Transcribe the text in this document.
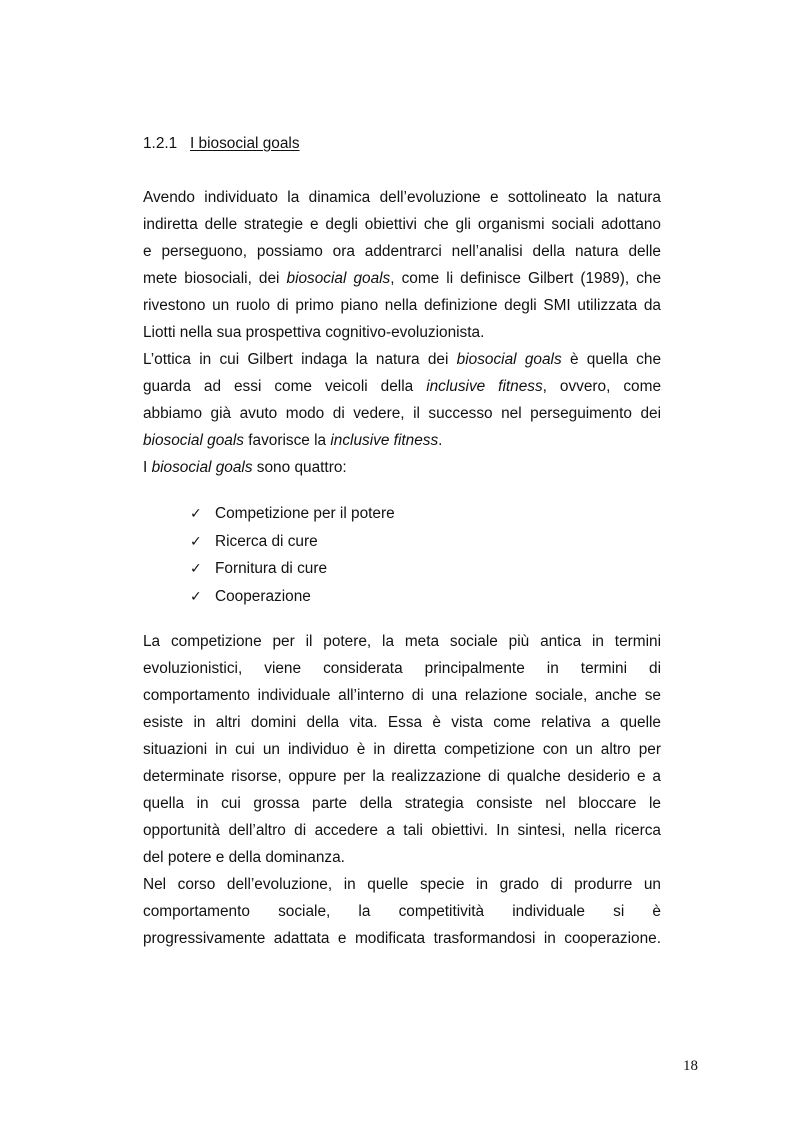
1.2.1 I biosocial goals

Avendo individuato la dinamica dell’evoluzione e sottolineato la natura

indiretta delle strategie e degli obiettivi che gli organismi sociali adottano

e perseguono, possiamo ora addentrarci nell’analisi della natura delle

mete biosociali, dei biosocial goals, come li definisce Gilbert (1989), che

rivestono un ruolo di primo piano nella definizione degli SMI utilizzata da

Liotti nella sua prospettiva cognitivo-evoluzionista.

L’ottica in cui Gilbert indaga la natura dei biosocial goals è quella che

guarda ad essi come veicoli della inclusive fitness, ovvero, come

abbiamo già avuto modo di vedere, il successo nel perseguimento dei

biosocial goals favorisce la inclusive fitness.

I biosocial goals sono quattro:

✓ Competizione per il potere
✓ Ricerca di cure
✓ Fornitura di cure
✓ Cooperazione

La competizione per il potere, la meta sociale più antica in termini

evoluzionistici, viene considerata principalmente in termini di

comportamento individuale all’interno di una relazione sociale, anche se

esiste in altri domini della vita. Essa è vista come relativa a quelle

situazioni in cui un individuo è in diretta competizione con un altro per

determinate risorse, oppure per la realizzazione di qualche desiderio e a

quella in cui grossa parte della strategia consiste nel bloccare le

opportunità dell’altro di accedere a tali obiettivi. In sintesi, nella ricerca

del potere e della dominanza.

Nel corso dell’evoluzione, in quelle specie in grado di produrre un

comportamento sociale, la competitività individuale si è

progressivamente adattata e modificata trasformandosi in cooperazione.

18
